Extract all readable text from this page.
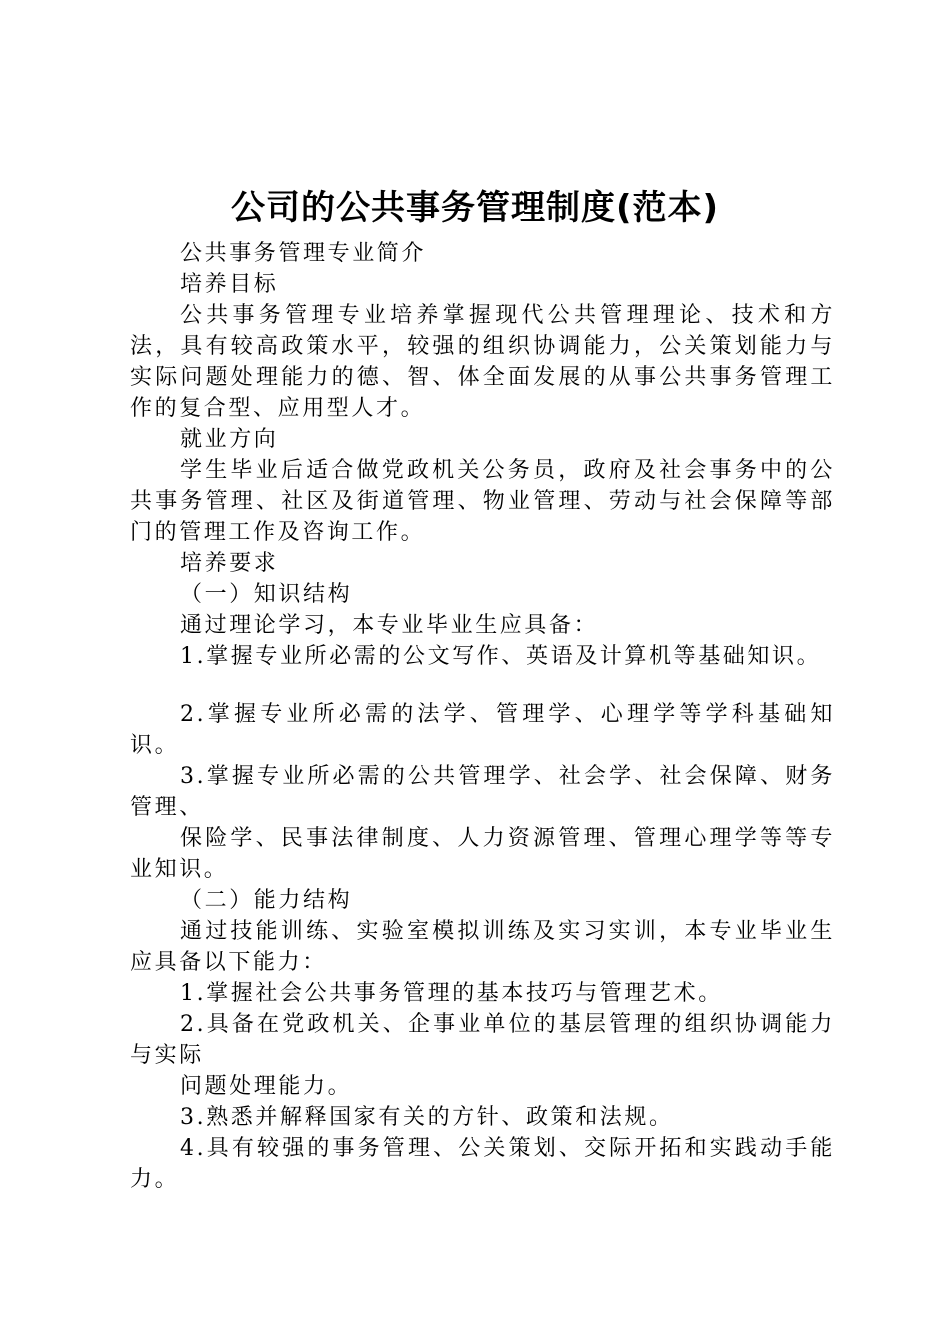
公司的公共事务管理制度(范本)

公共事务管理专业简介

培养目标

公共事务管理专业培养掌握现代公共管理理论、技术和方法，具有较高政策水平，较强的组织协调能力，公关策划能力与实际问题处理能力的德、智、体全面发展的从事公共事务管理工作的复合型、应用型人才。

就业方向

学生毕业后适合做党政机关公务员，政府及社会事务中的公共事务管理、社区及街道管理、物业管理、劳动与社会保障等部门的管理工作及咨询工作。

培养要求

（一）知识结构

通过理论学习，本专业毕业生应具备：

1.掌握专业所必需的公文写作、英语及计算机等基础知识。

2.掌握专业所必需的法学、管理学、心理学等学科基础知识。

3.掌握专业所必需的公共管理学、社会学、社会保障、财务管理、

保险学、民事法律制度、人力资源管理、管理心理学等等专业知识。

（二）能力结构

通过技能训练、实验室模拟训练及实习实训，本专业毕业生应具备以下能力：

1.掌握社会公共事务管理的基本技巧与管理艺术。

2.具备在党政机关、企事业单位的基层管理的组织协调能力与实际

问题处理能力。

3.熟悉并解释国家有关的方针、政策和法规。

4.具有较强的事务管理、公关策划、交际开拓和实践动手能力。
